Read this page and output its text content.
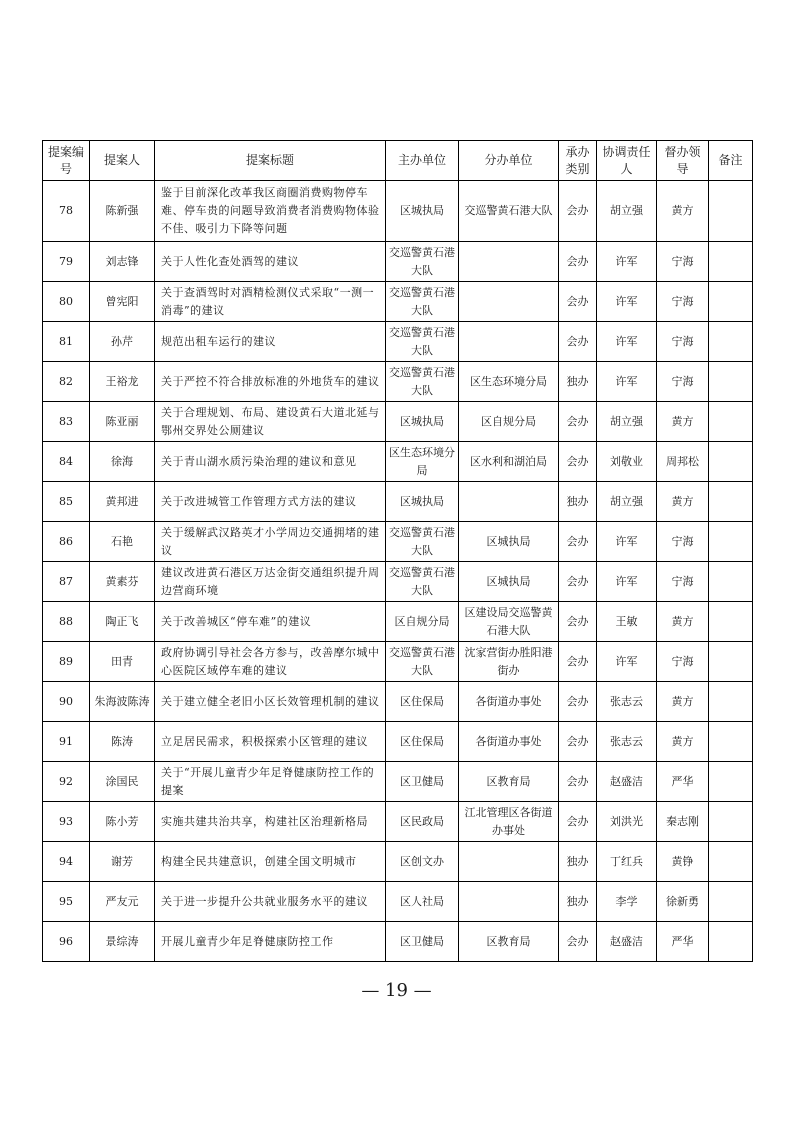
提案编号	提案人	提案标题	主办单位	分办单位	承办类别	协调责任人	督办领导	备注
78	陈新强	鉴于目前深化改革我区商圈消费购物停车难、停车贵的问题导致消费者消费购物体验不佳、吸引力下降等问题	区城执局	交巡警黄石港大队	会办	胡立强	黄方	
79	刘志锋	关于人性化查处酒驾的建议	交巡警黄石港大队		会办	许军	宁海	
80	曾宪阳	关于查酒驾时对酒精检测仪式采取“一测一消毒”的建议	交巡警黄石港大队		会办	许军	宁海	
81	孙芹	规范出租车运行的建议	交巡警黄石港大队		会办	许军	宁海	
82	王裕龙	关于严控不符合排放标准的外地货车的建议	交巡警黄石港大队	区生态环境分局	独办	许军	宁海	
83	陈亚丽	关于合理规划、布局、建设黄石大道北延与鄂州交界处公厕建议	区城执局	区自规分局	会办	胡立强	黄方	
84	徐海	关于青山湖水质污染治理的建议和意见	区生态环境分局	区水利和湖泊局	会办	刘敬业	周邦松	
85	黄邦进	关于改进城管工作管理方式方法的建议	区城执局		独办	胡立强	黄方	
86	石艳	关于缓解武汉路英才小学周边交通拥堵的建议	交巡警黄石港大队	区城执局	会办	许军	宁海	
87	黄素芬	建议改进黄石港区万达金街交通组织提升周边营商环境	交巡警黄石港大队	区城执局	会办	许军	宁海	
88	陶正飞	关于改善城区“停车难”的建议	区自规分局	区建设局交巡警黄石港大队	会办	王敏	黄方	
89	田青	政府协调引导社会各方参与，改善摩尔城中心医院区域停车难的建议	交巡警黄石港大队	沈家营街办胜阳港街办	会办	许军	宁海	
90	朱海波陈涛	关于建立健全老旧小区长效管理机制的建议	区住保局	各街道办事处	会办	张志云	黄方	
91	陈涛	立足居民需求，积极探索小区管理的建议	区住保局	各街道办事处	会办	张志云	黄方	
92	涂国民	关于“开展儿童青少年足脊健康防控工作的提案	区卫健局	区教育局	会办	赵盛洁	严华	
93	陈小芳	实施共建共治共享，构建社区治理新格局	区民政局	江北管理区各街道办事处	会办	刘洪光	秦志刚	
94	谢芳	构建全民共建意识，创建全国文明城市	区创文办		独办	丁红兵	黄铮	
95	严友元	关于进一步提升公共就业服务水平的建议	区人社局		独办	李学	徐新勇	
96	景综涛	开展儿童青少年足脊健康防控工作	区卫健局	区教育局	会办	赵盛洁	严华	
— 19 —
